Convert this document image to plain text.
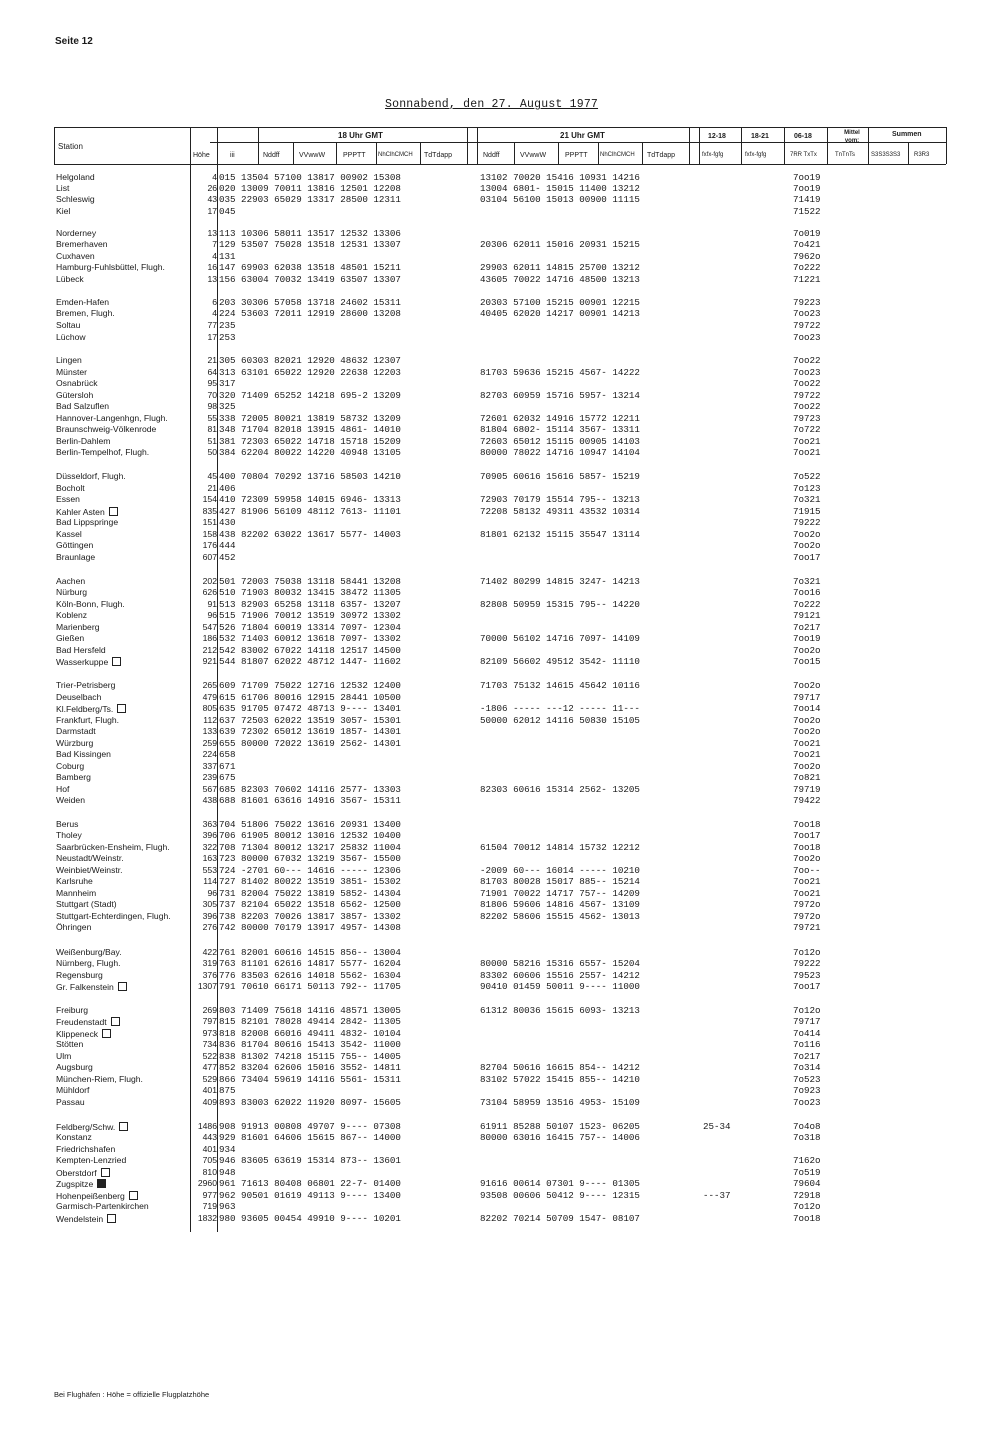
Seite 12
Sonnabend, den 27. August 1977
Station
Höhe	iii
18 Uhr GMT	21 Uhr GMT	12-18	18-21	06-18	Mittel vom:
Summen
Nddff	VVwwW	PPPTT NhClhCMCH TdTdapp	Nddff	VVwwW	PPPTT NhClhCMCH TdTdapp	fxfx-fgfg	fxfx-fgfg	7RR TxTx	TnTnTs	S3S3S3S3 R3R3
Helgoland	4 015 13504 57100 13817 00902 15308	13102 70020 15416 10931 14216	7oo19
List	26 020 13009 70011 13816 12501 12208	13004 6801- 15015 11400 13212	7oo19
Schleswig	43 035 22903 65029 13317 28500 12311	03104 56100 15013 00900 11115	71419
Kiel	17 045	71522
Norderney	13 113 10306 58011 13517 12532 13306	7o019
Bremerhaven	7 129 53507 75028 13518 12531 13307	20306 62011 15016 20931 15215	7o421
Cuxhaven	4 131	7962o
Hamburg-Fuhlsbüttel, Flugh.	16 147 69903 62038 13518 48501 15211	29903 62011 14815 25700 13212	7o222
Lübeck	13 156 63004 70032 13419 63507 13307	43605 70022 14716 48500 13213	71221
Emden-Hafen	6 203 30306 57058 13718 24602 15311	20303 57100 15215 00901 12215	79223
Bremen, Flugh.	4 224 53603 72011 12919 28600 13208	40405 62020 14217 00901 14213	7oo23
Soltau	77 235	79722
Lüchow	17 253	7oo23
Lingen	21 305 60303 82021 12920 48632 12307	7oo22
Münster	64 313 63101 65022 12920 22638 12203	81703 59636 15215 4567- 14222	7oo23
Osnabrück	95 317	7oo22
Gütersloh	70 320 71409 65252 14218 695-2 13209	82703 60959 15716 5957- 13214	79722
Bad Salzuflen	98 325	7oo22
Hannover-Langenhgn, Flugh.	55 338 72005 80021 13819 58732 13209	72601 62032 14916 15772 12211	79723
Braunschweig-Völkenrode	81 348 71704 82018 13915 4861- 14010	81804 6802- 15114 3567- 13311	7o722
Berlin-Dahlem	51 381 72303 65022 14718 15718 15209	72603 65012 15115 00905 14103	7oo21
Berlin-Tempelhof, Flugh.	50 384 62204 80022 14220 40948 13105	80000 78022 14716 10947 14104	7oo21
Düsseldorf, Flugh.	45 400 70804 70292 13716 58503 14210	70905 60616 15616 5857- 15219	7o522
Bocholt	21 406	7o123
Essen	154 410 72309 59958 14015 6946- 13313	72903 70179 15514 795-- 13213	7o321
Kahler Asten	835 427 81906 56109 48112 7613- 11101	72208 58132 49311 43532 10314	71915
Bad Lippspringe	151 430	79222
Kassel	158 438 82202 63022 13617 5577- 14003	81801 62132 15115 35547 13114	7oo2o
Göttingen	176 444	7oo2o
Braunlage	607 452	7oo17
Aachen	202 501 72003 75038 13118 58441 13208	71402 80299 14815 3247- 14213	7o321
Nürburg	626 510 71903 80032 13415 38472 11305	7oo16
Köln-Bonn, Flugh.	91 513 82903 65258 13118 6357- 13207	82808 50959 15315 795-- 14220	7o222
Koblenz	96 515 71906 70012 13519 30972 13302	79121
Marienberg	547 526 71804 60019 13314 7097- 12304	7o217
Gießen	186 532 71403 60012 13618 7097- 13302	70000 56102 14716 7097- 14109	7oo19
Bad Hersfeld	212 542 83002 67022 14118 12517 14500	7oo2o
Wasserkuppe	921 544 81807 62022 48712 1447- 11602	82109 56602 49512 3542- 11110	7oo15
Trier-Petrisberg	265 609 71709 75022 12716 12532 12400	71703 75132 14615 45642 10116	7oo2o
Deuselbach	479 615 61706 80016 12915 28441 10500	79717
Kl.Feldberg/Ts.	805 635 91705 07472 48713 9---- 13401	-1806 ----- ---12 ----- 11---	7oo14
Frankfurt, Flugh.	112 637 72503 62022 13519 3057- 15301	50000 62012 14116 50830 15105	7oo2o
Darmstadt	133 639 72302 65012 13619 1857- 14301	7oo2o
Würzburg	259 655 80000 72022 13619 2562- 14301	7oo21
Bad Kissingen	224 658	7oo21
Coburg	337 671	7oo2o
Bamberg	239 675	7o821
Hof	567 685 82303 70602 14116 2577- 13303	82303 60616 15314 2562- 13205	79719
Weiden	438 688 81601 63616 14916 3567- 15311	79422
Berus	363 704 51806 75022 13616 20931 13400	7oo18
Tholey	396 706 61905 80012 13016 12532 10400	7oo17
Saarbrücken-Ensheim, Flugh.	322 708 71304 80012 13217 25832 11004	61504 70012 14814 15732 12212	7oo18
Neustadt/Weinstr.	163 723 80000 67032 13219 3567- 15500	7oo2o
Weinbiet/Weinstr.	553 724 -2701 60--- 14616 ----- 12306	-2009 60--- 16014 ----- 10210	7oo--
Karlsruhe	114 727 81402 80022 13519 3851- 15302	81703 80028 15017 885-- 15214	7oo21
Mannheim	96 731 82004 75022 13819 5852- 14304	71901 70022 14717 757-- 14209	7oo21
Stuttgart (Stadt)	305 737 82104 65022 13518 6562- 12500	81806 59606 14816 4567- 13109	7972o
Stuttgart-Echterdingen, Flugh.	396 738 82203 70026 13817 3857- 13302	82202 58606 15515 4562- 13013	7972o
Öhringen	276 742 80000 70179 13917 4957- 14308	79721
Weißenburg/Bay.	422 761 82001 60616 14515 856-- 13004	7o12o
Nürnberg, Flugh.	319 763 81101 62616 14817 5577- 16204	80000 58216 15316 6557- 15204	79222
Regensburg	376 776 83503 62616 14018 5562- 16304	83302 60606 15516 2557- 14212	79523
Gr. Falkenstein	1307 791 70610 66171 50113 792-- 11705	90410 01459 50011 9---- 11000	7oo17
Freiburg	269 803 71409 75618 14116 48571 13005	61312 80036 15615 6093- 13213	7o12o
Freudenstadt	797 815 82101 78028 49414 2842- 11305	79717
Klippeneck	973 818 82008 66016 49411 4832- 10104	7o414
Stötten	734 836 81704 80616 15413 3542- 11000	7o116
Ulm	522 838 81302 74218 15115 755-- 14005	7o217
Augsburg	477 852 83204 62606 15016 3552- 14811	82704 50616 16615 854-- 14212	7o314
München-Riem, Flugh.	529 866 73404 59619 14116 5561- 15311	83102 57022 15415 855-- 14210	7o523
Mühldorf	401 875	7o923
Passau	409 893 83003 62022 11920 8097- 15605	73104 58959 13516 4953- 15109	7oo23
Feldberg/Schw.	1486 908 91913 00808 49707 9---- 07308	61911 85288 50107 1523- 06205	25-34	7o4o8
Konstanz	443 929 81601 64606 15615 867-- 14000	80000 63016 16415 757-- 14006	7o318
Friedrichshafen	401 934
Kempten-Lenzried	705 946 83605 63619 15314 873-- 13601	7162o
Oberstdorf	810 948	7o519
Zugspitze	2960 961 71613 80408 06801 22-7- 01400	91616 00614 07301 9---- 01305	79604
Hohenpeißenberg	977 962 90501 01619 49113 9---- 13400	93508 00606 50412 9---- 12315	---37	72918
Garmisch-Partenkirchen	719 963	7o12o
Wendelstein	1832 980 93605 00454 49910 9---- 10201	82202 70214 50709 1547- 08107	7oo18
Bei Flughäfen : Höhe = offizielle Flugplatzhöhe
